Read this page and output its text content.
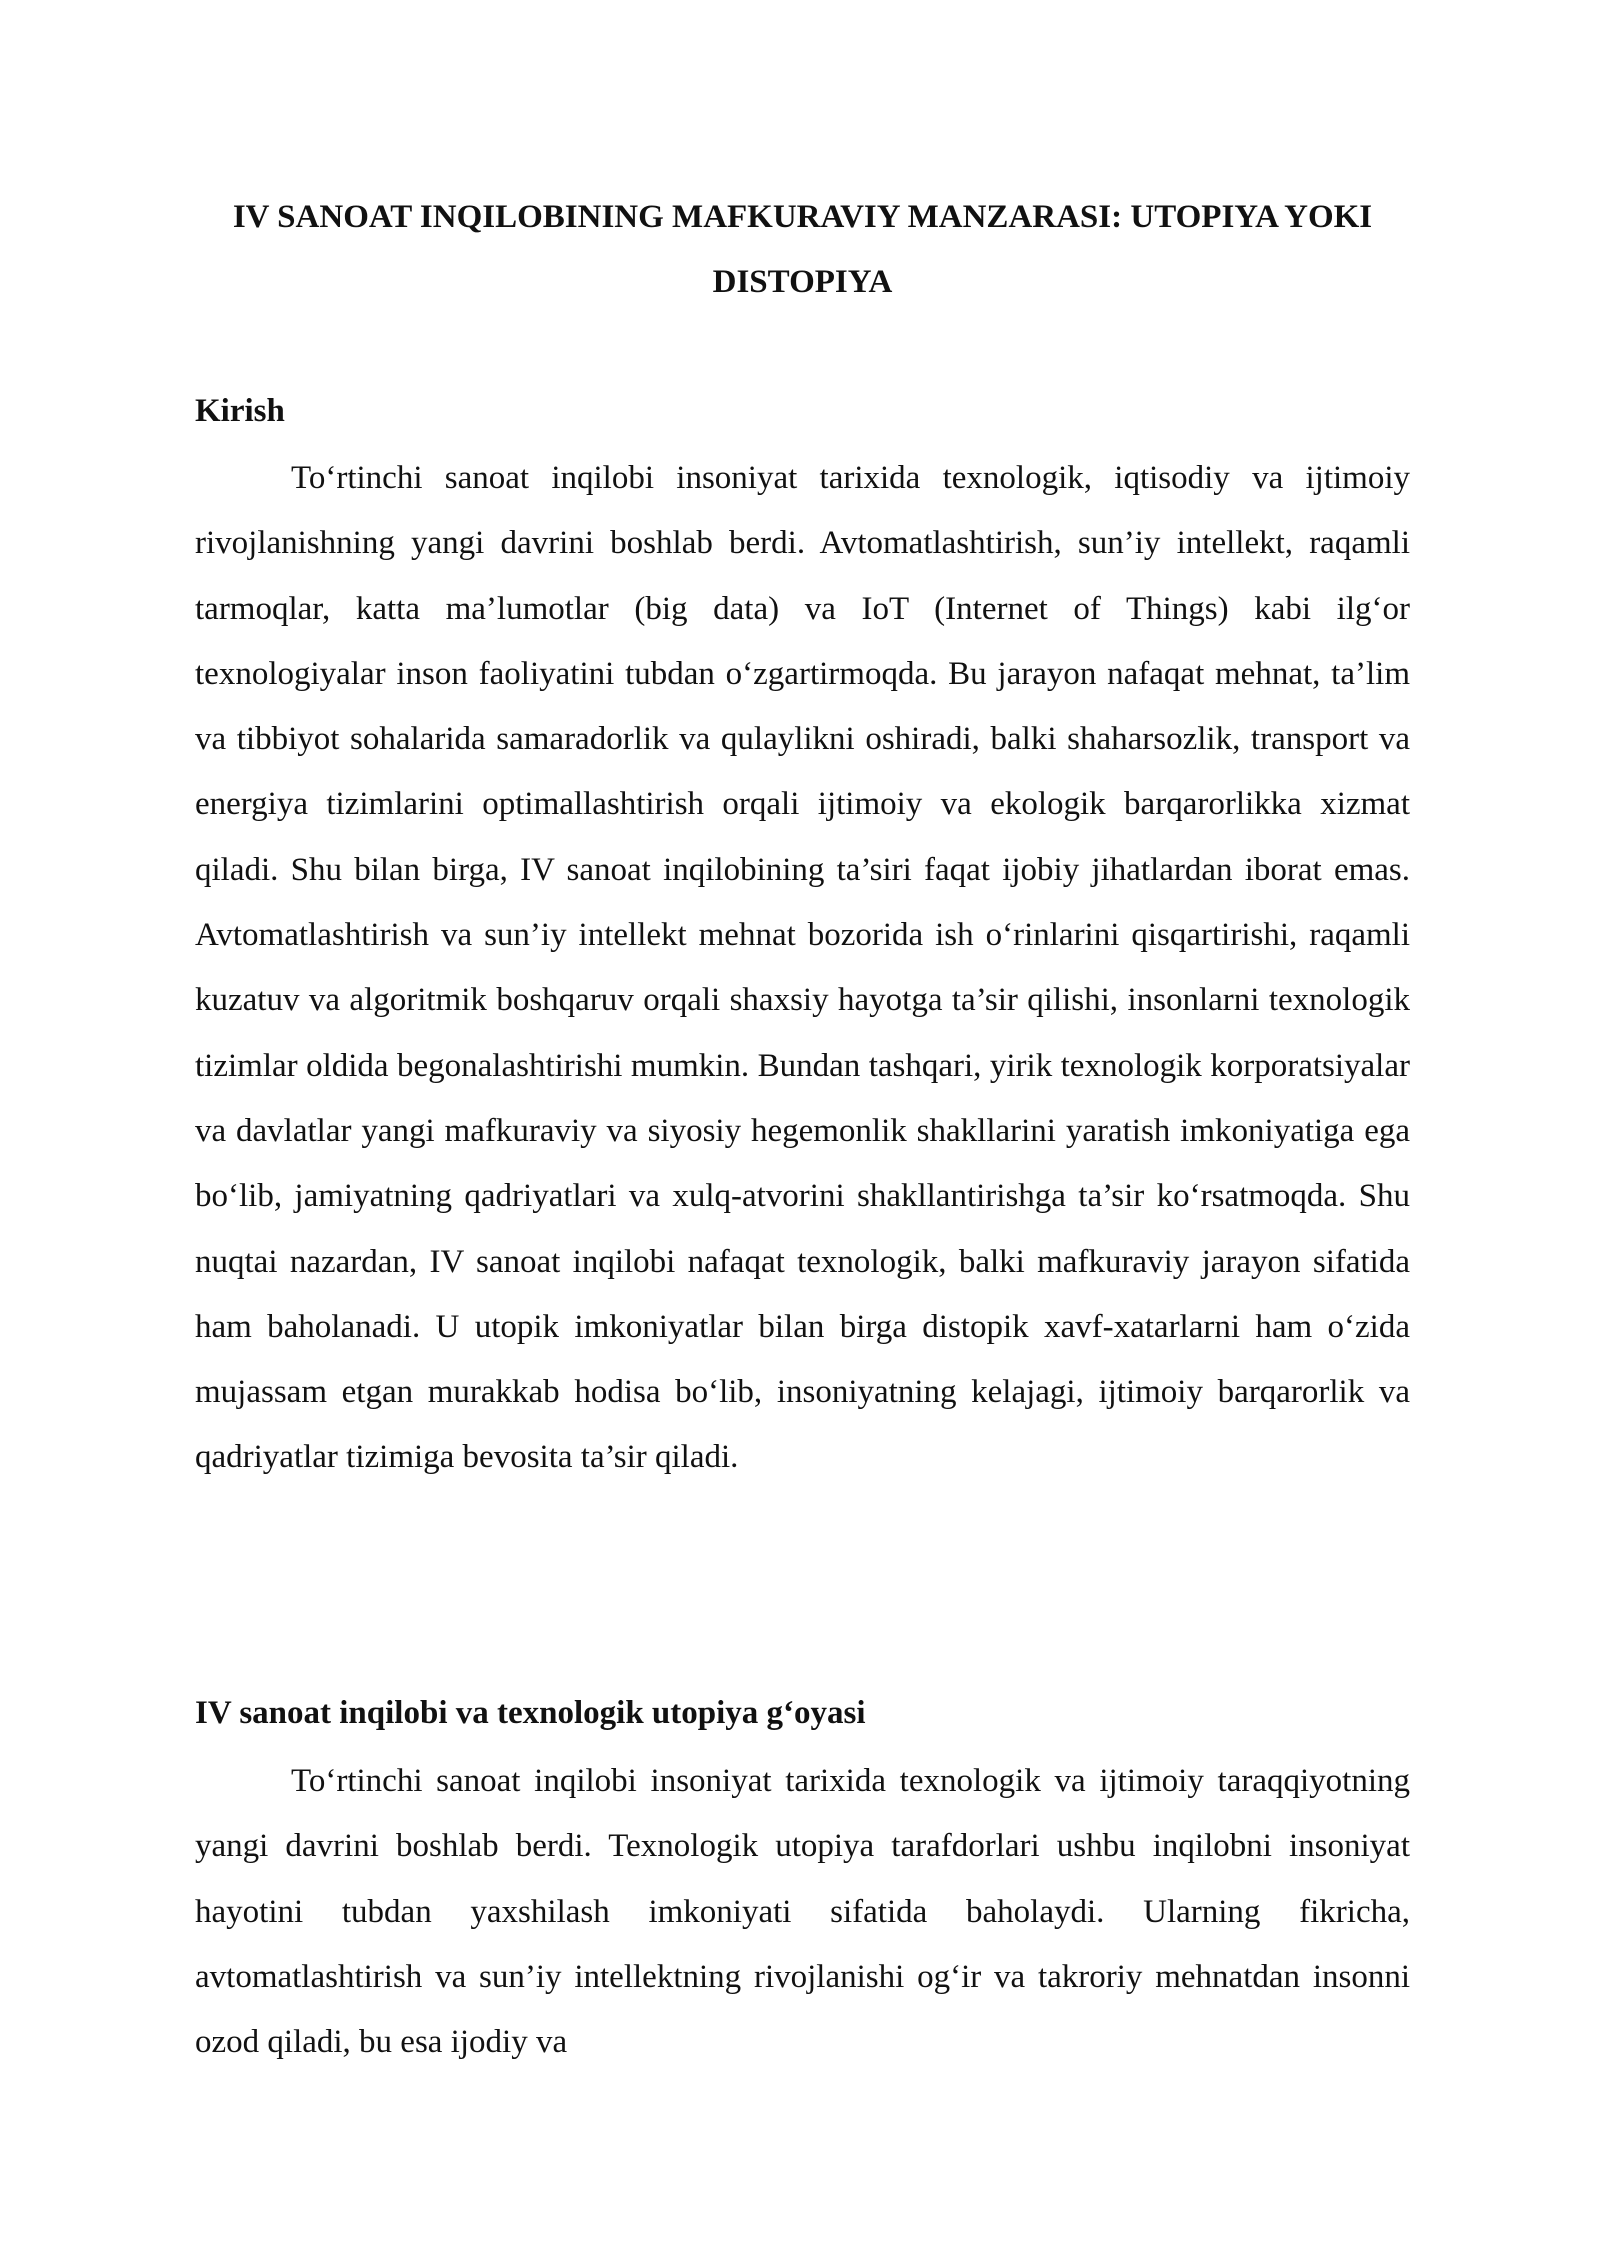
IV SANOAT INQILOBINING MAFKURAVIY MANZARASI: UTOPIYA YOKI DISTOPIYA
Kirish

To‘rtinchi sanoat inqilobi insoniyat tarixida texnologik, iqtisodiy va ijtimoiy rivojlanishning yangi davrini boshlab berdi. Avtomatlashtirish, sun’iy intellekt, raqamli tarmoqlar, katta ma’lumotlar (big data) va IoT (Internet of Things) kabi ilg‘or texnologiyalar inson faoliyatini tubdan o‘zgartirmoqda. Bu jarayon nafaqat mehnat, ta’lim va tibbiyot sohalarida samaradorlik va qulaylikni oshiradi, balki shaharsozlik, transport va energiya tizimlarini optimallashtirish orqali ijtimoiy va ekologik barqarorlikka xizmat qiladi. Shu bilan birga, IV sanoat inqilobining ta’siri faqat ijobiy jihatlardan iborat emas. Avtomatlashtirish va sun’iy intellekt mehnat bozorida ish o‘rinlarini qisqartirishi, raqamli kuzatuv va algoritmik boshqaruv orqali shaxsiy hayotga ta’sir qilishi, insonlarni texnologik tizimlar oldida begonalashtirishi mumkin. Bundan tashqari, yirik texnologik korporatsiyalar va davlatlar yangi mafkuraviy va siyosiy hegemonlik shakllarini yaratish imkoniyatiga ega bo‘lib, jamiyatning qadriyatlari va xulq-atvorini shakllantirishga ta’sir ko‘rsatmoqda. Shu nuqtai nazardan, IV sanoat inqilobi nafaqat texnologik, balki mafkuraviy jarayon sifatida ham baholanadi. U utopik imkoniyatlar bilan birga distopik xavf-xatarlarni ham o‘zida mujassam etgan murakkab hodisa bo‘lib, insoniyatning kelajagi, ijtimoiy barqarorlik va qadriyatlar tizimiga bevosita ta’sir qiladi.

IV sanoat inqilobi va texnologik utopiya g‘oyasi

To‘rtinchi sanoat inqilobi insoniyat tarixida texnologik va ijtimoiy taraqqiyotning yangi davrini boshlab berdi. Texnologik utopiya tarafdorlari ushbu inqilobni insoniyat hayotini tubdan yaxshilash imkoniyati sifatida baholaydi. Ularning fikricha, avtomatlashtirish va sun’iy intellektning rivojlanishi og‘ir va takroriy mehnatdan insonni ozod qiladi, bu esa ijodiy va
